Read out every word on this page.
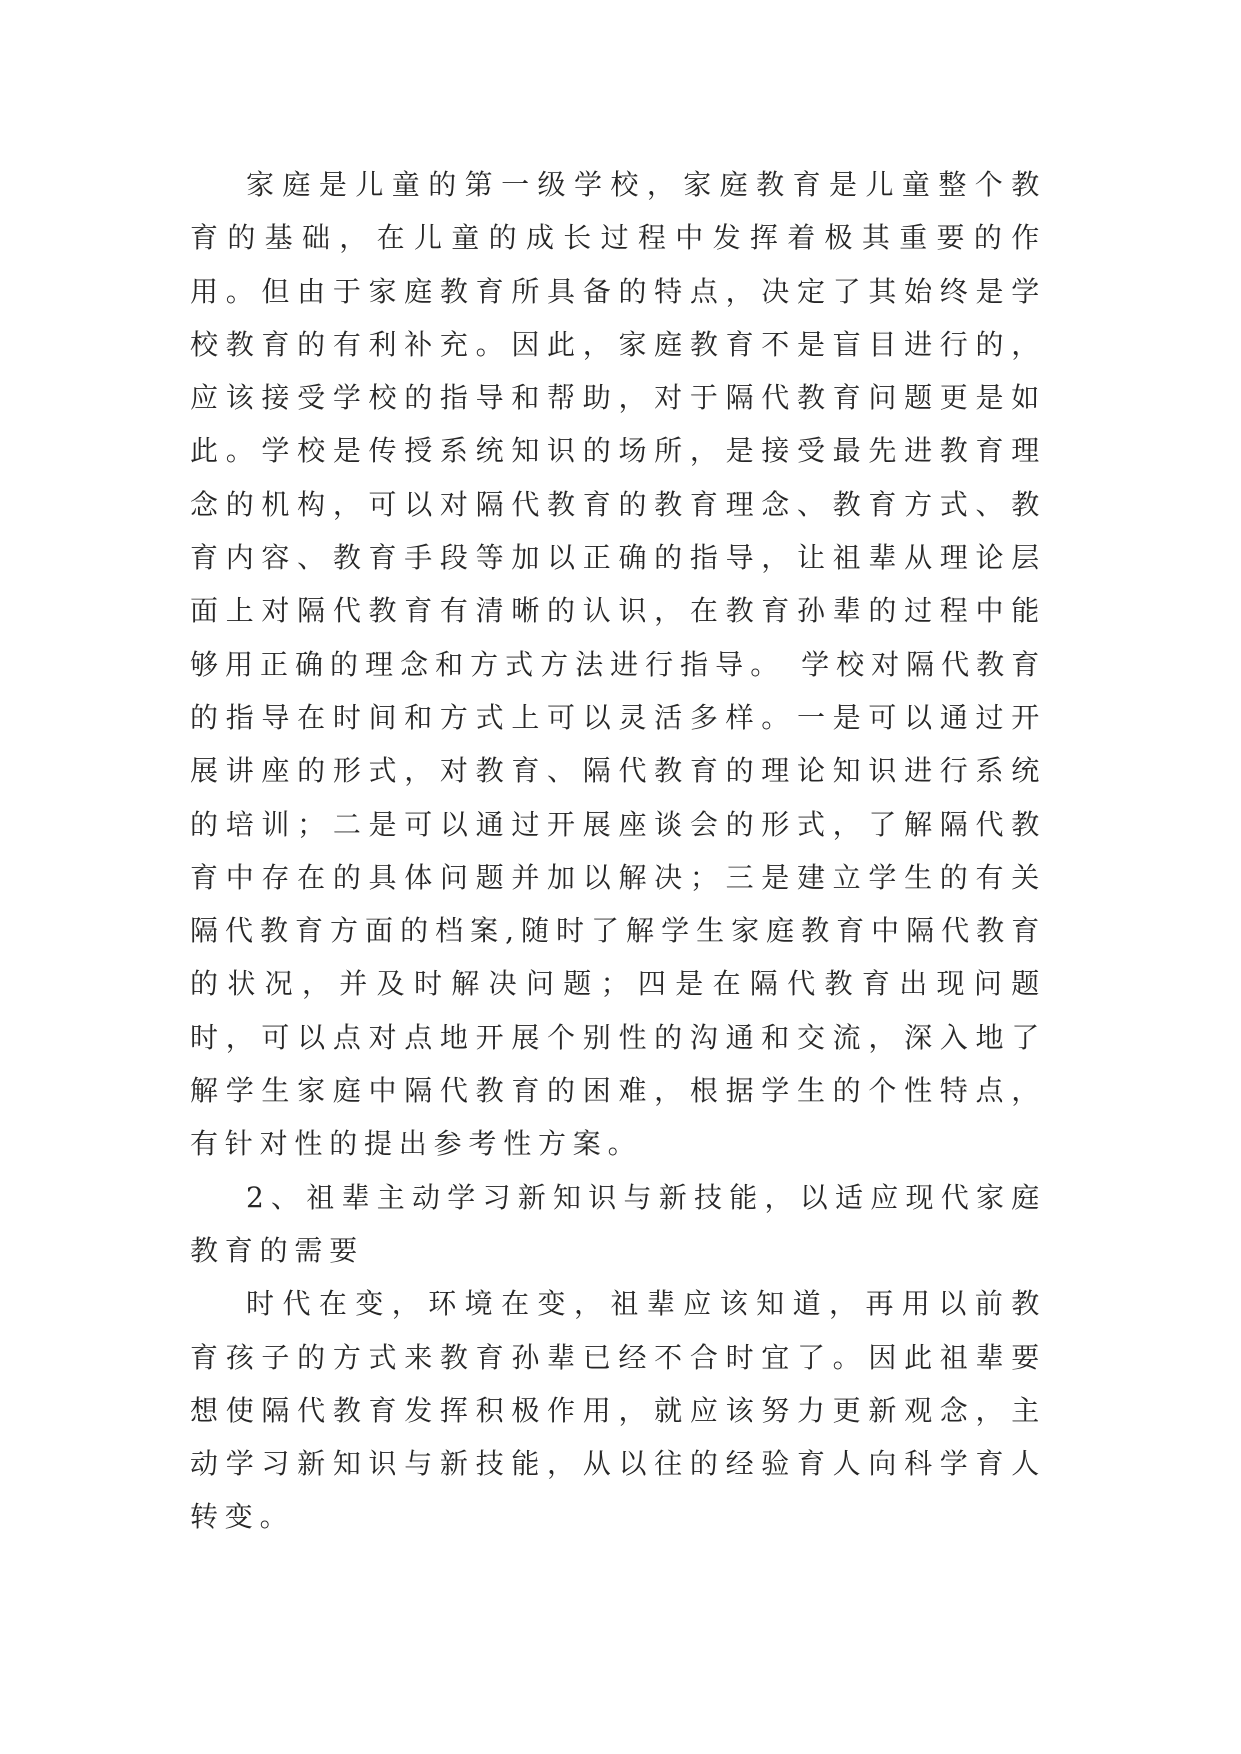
家庭是儿童的第一级学校，家庭教育是儿童整个教育的基础，在儿童的成长过程中发挥着极其重要的作用。但由于家庭教育所具备的特点，决定了其始终是学校教育的有利补充。因此，家庭教育不是盲目进行的，应该接受学校的指导和帮助，对于隔代教育问题更是如此。学校是传授系统知识的场所，是接受最先进教育理念的机构，可以对隔代教育的教育理念、教育方式、教育内容、教育手段等加以正确的指导，让祖辈从理论层面上对隔代教育有清晰的认识，在教育孙辈的过程中能够用正确的理念和方式方法进行指导。 学校对隔代教育的指导在时间和方式上可以灵活多样。一是可以通过开展讲座的形式，对教育、隔代教育的理论知识进行系统的培训；二是可以通过开展座谈会的形式，了解隔代教育中存在的具体问题并加以解决；三是建立学生的有关隔代教育方面的档案,随时了解学生家庭教育中隔代教育的状况，并及时解决问题；四是在隔代教育出现问题时，可以点对点地开展个别性的沟通和交流，深入地了解学生家庭中隔代教育的困难，根据学生的个性特点，有针对性的提出参考性方案。

2、祖辈主动学习新知识与新技能，以适应现代家庭教育的需要

时代在变，环境在变，祖辈应该知道，再用以前教育孩子的方式来教育孙辈已经不合时宜了。因此祖辈要想使隔代教育发挥积极作用，就应该努力更新观念，主动学习新知识与新技能，从以往的经验育人向科学育人转变。
